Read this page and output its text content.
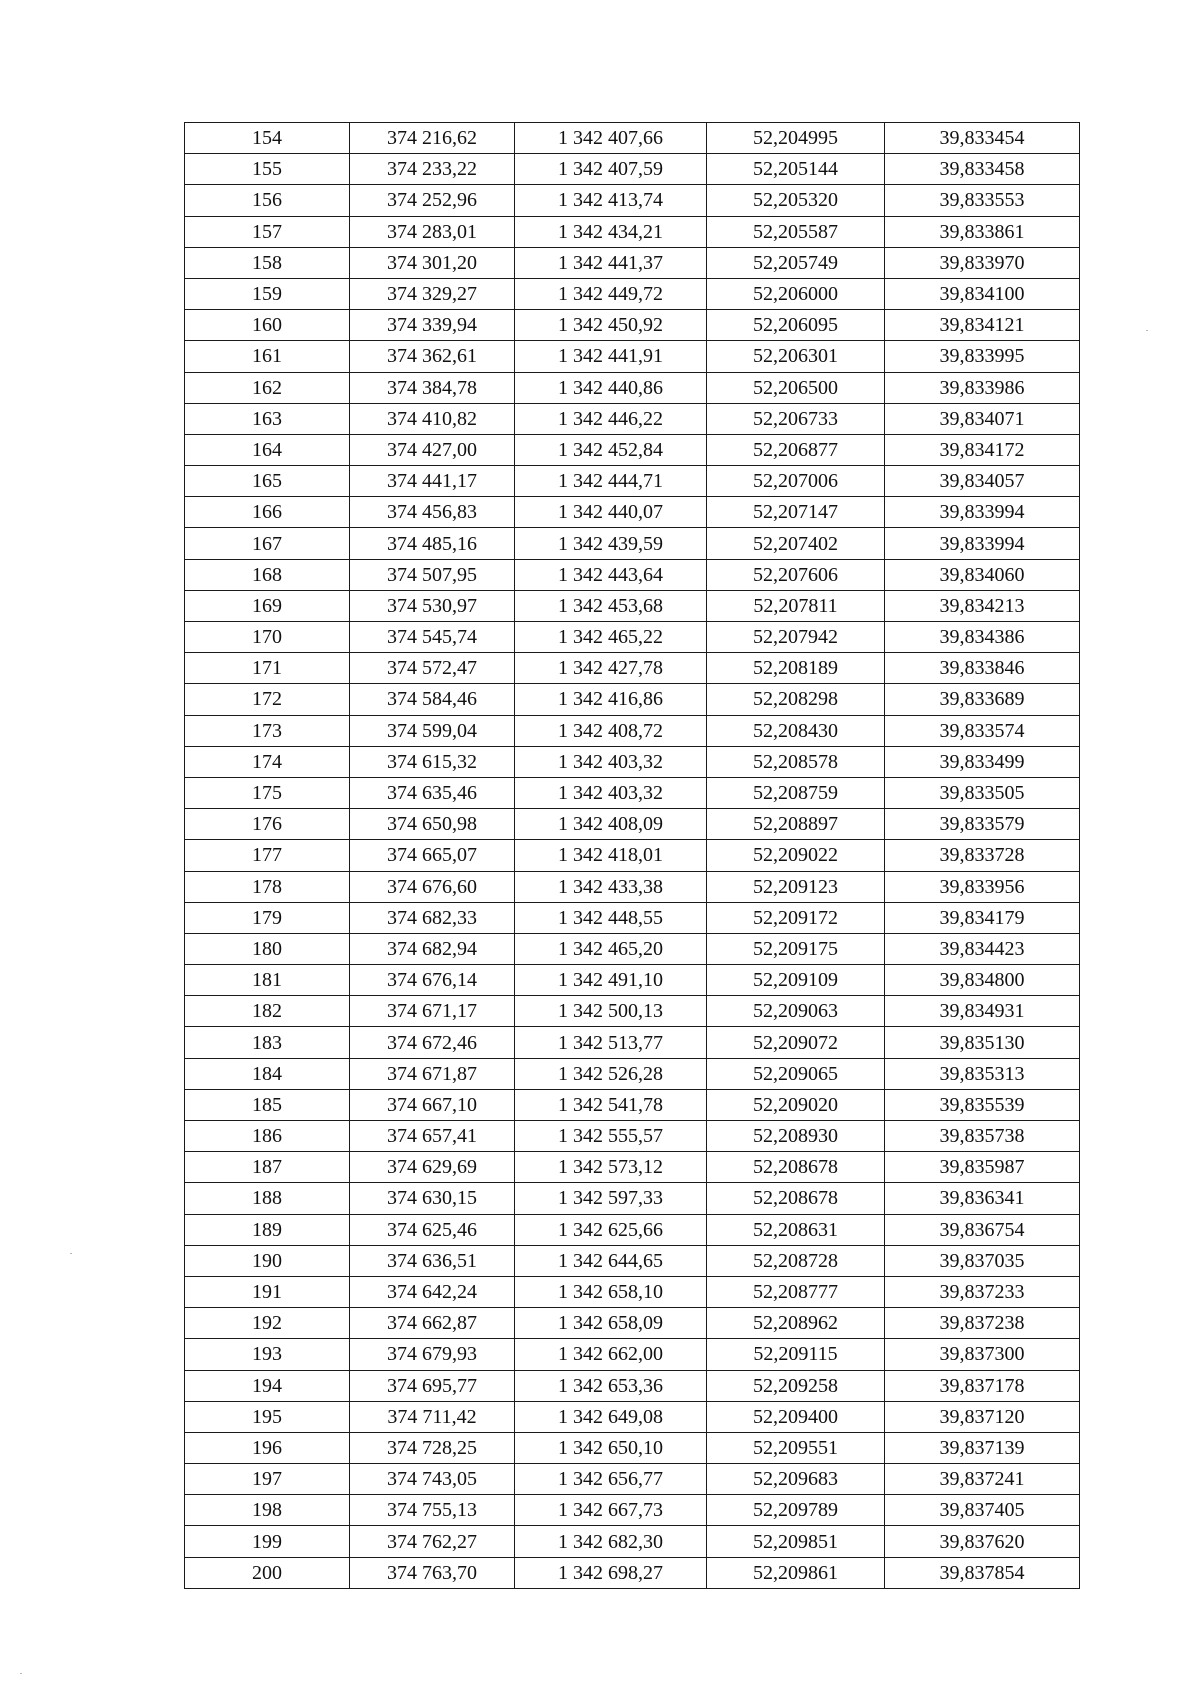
154	374 216,62	1 342 407,66	52,204995	39,833454
155	374 233,22	1 342 407,59	52,205144	39,833458
156	374 252,96	1 342 413,74	52,205320	39,833553
157	374 283,01	1 342 434,21	52,205587	39,833861
158	374 301,20	1 342 441,37	52,205749	39,833970
159	374 329,27	1 342 449,72	52,206000	39,834100
160	374 339,94	1 342 450,92	52,206095	39,834121
161	374 362,61	1 342 441,91	52,206301	39,833995
162	374 384,78	1 342 440,86	52,206500	39,833986
163	374 410,82	1 342 446,22	52,206733	39,834071
164	374 427,00	1 342 452,84	52,206877	39,834172
165	374 441,17	1 342 444,71	52,207006	39,834057
166	374 456,83	1 342 440,07	52,207147	39,833994
167	374 485,16	1 342 439,59	52,207402	39,833994
168	374 507,95	1 342 443,64	52,207606	39,834060
169	374 530,97	1 342 453,68	52,207811	39,834213
170	374 545,74	1 342 465,22	52,207942	39,834386
171	374 572,47	1 342 427,78	52,208189	39,833846
172	374 584,46	1 342 416,86	52,208298	39,833689
173	374 599,04	1 342 408,72	52,208430	39,833574
174	374 615,32	1 342 403,32	52,208578	39,833499
175	374 635,46	1 342 403,32	52,208759	39,833505
176	374 650,98	1 342 408,09	52,208897	39,833579
177	374 665,07	1 342 418,01	52,209022	39,833728
178	374 676,60	1 342 433,38	52,209123	39,833956
179	374 682,33	1 342 448,55	52,209172	39,834179
180	374 682,94	1 342 465,20	52,209175	39,834423
181	374 676,14	1 342 491,10	52,209109	39,834800
182	374 671,17	1 342 500,13	52,209063	39,834931
183	374 672,46	1 342 513,77	52,209072	39,835130
184	374 671,87	1 342 526,28	52,209065	39,835313
185	374 667,10	1 342 541,78	52,209020	39,835539
186	374 657,41	1 342 555,57	52,208930	39,835738
187	374 629,69	1 342 573,12	52,208678	39,835987
188	374 630,15	1 342 597,33	52,208678	39,836341
189	374 625,46	1 342 625,66	52,208631	39,836754
190	374 636,51	1 342 644,65	52,208728	39,837035
191	374 642,24	1 342 658,10	52,208777	39,837233
192	374 662,87	1 342 658,09	52,208962	39,837238
193	374 679,93	1 342 662,00	52,209115	39,837300
194	374 695,77	1 342 653,36	52,209258	39,837178
195	374 711,42	1 342 649,08	52,209400	39,837120
196	374 728,25	1 342 650,10	52,209551	39,837139
197	374 743,05	1 342 656,77	52,209683	39,837241
198	374 755,13	1 342 667,73	52,209789	39,837405
199	374 762,27	1 342 682,30	52,209851	39,837620
200	374 763,70	1 342 698,27	52,209861	39,837854
